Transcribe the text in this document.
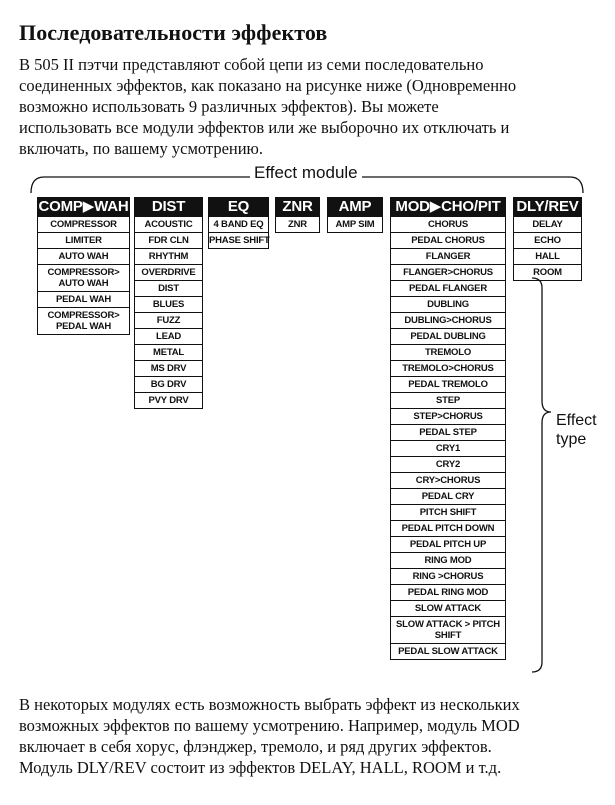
Последовательности эффектов
В 505 II пэтчи представляют собой цепи из семи последовательно
соединенных эффектов, как показано на рисунке ниже (Одновременно
возможно использовать 9 различных эффектов). Вы можете
использовать все модули эффектов или же выборочно их отключать и
включать, по вашему усмотрению.
Effect module
COMP▶WAH
COMPRESSOR
LIMITER
AUTO WAH
COMPRESSOR> AUTO WAH
PEDAL WAH
COMPRESSOR> PEDAL WAH
DIST
ACOUSTIC
FDR CLN
RHYTHM
OVERDRIVE
DIST
BLUES
FUZZ
LEAD
METAL
MS DRV
BG DRV
PVY DRV
EQ
4 BAND EQ
PHASE SHIFT
ZNR
ZNR
AMP
AMP SIM
MOD▶CHO/PIT
CHORUS
PEDAL CHORUS
FLANGER
FLANGER>CHORUS
PEDAL FLANGER
DUBLING
DUBLING>CHORUS
PEDAL DUBLING
TREMOLO
TREMOLO>CHORUS
PEDAL TREMOLO
STEP
STEP>CHORUS
PEDAL STEP
CRY1
CRY2
CRY>CHORUS
PEDAL CRY
PITCH SHIFT
PEDAL PITCH DOWN
PEDAL PITCH UP
RING MOD
RING >CHORUS
PEDAL RING MOD
SLOW ATTACK
SLOW ATTACK > PITCH SHIFT
PEDAL SLOW ATTACK
DLY/REV
DELAY
ECHO
HALL
ROOM
Effect
type
В некоторых модулях есть возможность выбрать эффект из нескольких
возможных эффектов по вашему усмотрению. Например, модуль MOD
включает в себя хорус, флэнджер, тремоло, и ряд других эффектов.
Модуль DLY/REV состоит из эффектов DELAY, HALL, ROOM и т.д.
